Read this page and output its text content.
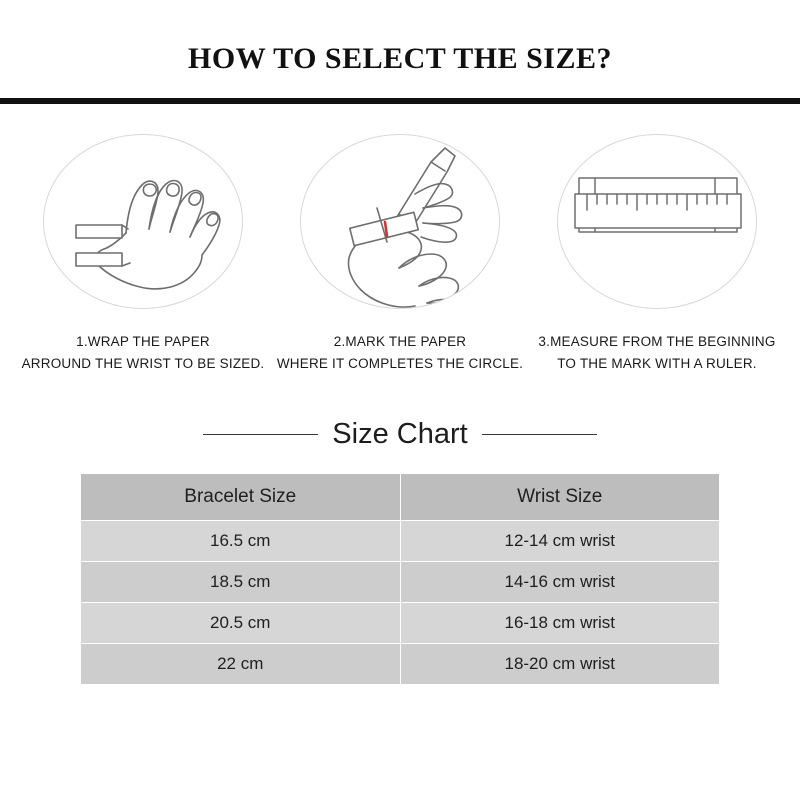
HOW TO SELECT THE SIZE?
1.WRAP THE PAPER
ARROUND THE WRIST TO BE SIZED.
2.MARK THE PAPER
WHERE IT COMPLETES THE CIRCLE.
3.MEASURE FROM THE BEGINNING
TO THE MARK WITH A RULER.
Size Chart
Bracelet Size	Wrist Size
16.5 cm	12-14 cm wrist
18.5 cm	14-16 cm wrist
20.5 cm	16-18 cm wrist
22 cm	18-20 cm wrist
